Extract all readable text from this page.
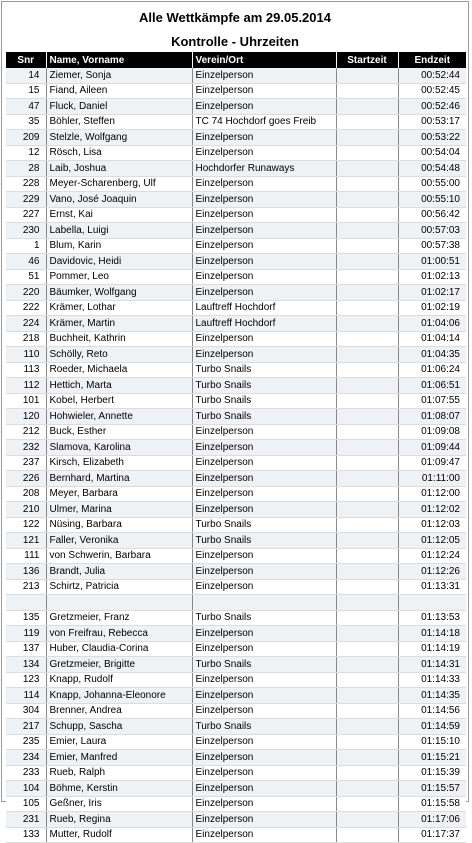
Alle Wettkämpfe am 29.05.2014
Kontrolle - Uhrzeiten
Snr	Name, Vorname	Verein/Ort	Startzeit	Endzeit
14	Ziemer, Sonja	Einzelperson		00:52:44
15	Fiand, Aileen	Einzelperson		00:52:45
47	Fluck, Daniel	Einzelperson		00:52:46
35	Böhler, Steffen	TC 74 Hochdorf goes Freib		00:53:17
209	Stelzle, Wolfgang	Einzelperson		00:53:22
12	Rösch, Lisa	Einzelperson		00:54:04
28	Laib, Joshua	Hochdorfer Runaways		00:54:48
228	Meyer-Scharenberg, Ulf	Einzelperson		00:55:00
229	Vano, José Joaquin	Einzelperson		00:55:10
227	Ernst, Kai	Einzelperson		00:56:42
230	Labella, Luigi	Einzelperson		00:57:03
1	Blum, Karin	Einzelperson		00:57:38
46	Davidovic, Heidi	Einzelperson		01:00:51
51	Pommer, Leo	Einzelperson		01:02:13
220	Bäumker, Wolfgang	Einzelperson		01:02:17
222	Krämer, Lothar	Lauftreff Hochdorf		01:02:19
224	Krämer, Martin	Lauftreff Hochdorf		01:04:06
218	Buchheit, Kathrin	Einzelperson		01:04:14
110	Schölly, Reto	Einzelperson		01:04:35
113	Roeder, Michaela	Turbo Snails		01:06:24
112	Hettich, Marta	Turbo Snails		01:06:51
101	Kobel, Herbert	Turbo Snails		01:07:55
120	Hohwieler, Annette	Turbo Snails		01:08:07
212	Buck, Esther	Einzelperson		01:09:08
232	Slamova, Karolina	Einzelperson		01:09:44
237	Kirsch, Elizabeth	Einzelperson		01:09:47
226	Bernhard, Martina	Einzelperson		01:11:00
208	Meyer, Barbara	Einzelperson		01:12:00
210	Ulmer, Marina	Einzelperson		01:12:02
122	Nüsing, Barbara	Turbo Snails		01:12:03
121	Faller, Veronika	Turbo Snails		01:12:05
111	von Schwerin, Barbara	Einzelperson		01:12:24
136	Brandt, Julia	Einzelperson		01:12:26
213	Schirtz, Patricia	Einzelperson		01:13:31

135	Gretzmeier, Franz	Turbo Snails		01:13:53
119	von Freifrau, Rebecca	Einzelperson		01:14:18
137	Huber, Claudia-Corina	Einzelperson		01:14:19
134	Gretzmeier, Brigitte	Turbo Snails		01:14:31
123	Knapp, Rudolf	Einzelperson		01:14:33
114	Knapp, Johanna-Eleonore	Einzelperson		01:14:35
304	Brenner, Andrea	Einzelperson		01:14:56
217	Schupp, Sascha	Turbo Snails		01:14:59
235	Emier, Laura	Einzelperson		01:15:10
234	Emier, Manfred	Einzelperson		01:15:21
233	Rueb, Ralph	Einzelperson		01:15:39
104	Böhme, Kerstin	Einzelperson		01:15:57
105	Geßner, Iris	Einzelperson		01:15:58
231	Rueb, Regina	Einzelperson		01:17:06
133	Mutter, Rudolf	Einzelperson		01:17:37
